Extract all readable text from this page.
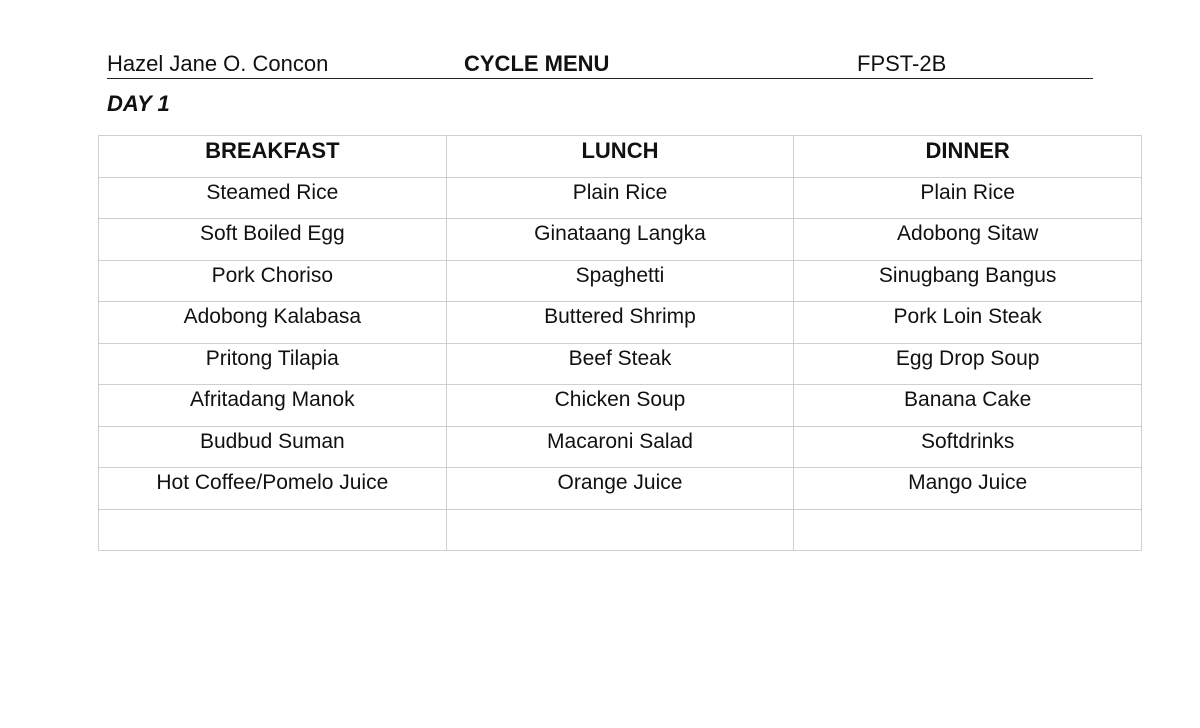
Hazel Jane O. Concon	CYCLE MENU	FPST-2B
DAY 1
BREAKFAST	LUNCH	DINNER
Steamed Rice	Plain Rice	Plain Rice
Soft Boiled Egg	Ginataang Langka	Adobong Sitaw
Pork Choriso	Spaghetti	Sinugbang Bangus
Adobong Kalabasa	Buttered Shrimp	Pork Loin Steak
Pritong Tilapia	Beef Steak	Egg Drop Soup
Afritadang Manok	Chicken Soup	Banana Cake
Budbud Suman	Macaroni Salad	Softdrinks
Hot Coffee/Pomelo Juice	Orange Juice	Mango Juice
